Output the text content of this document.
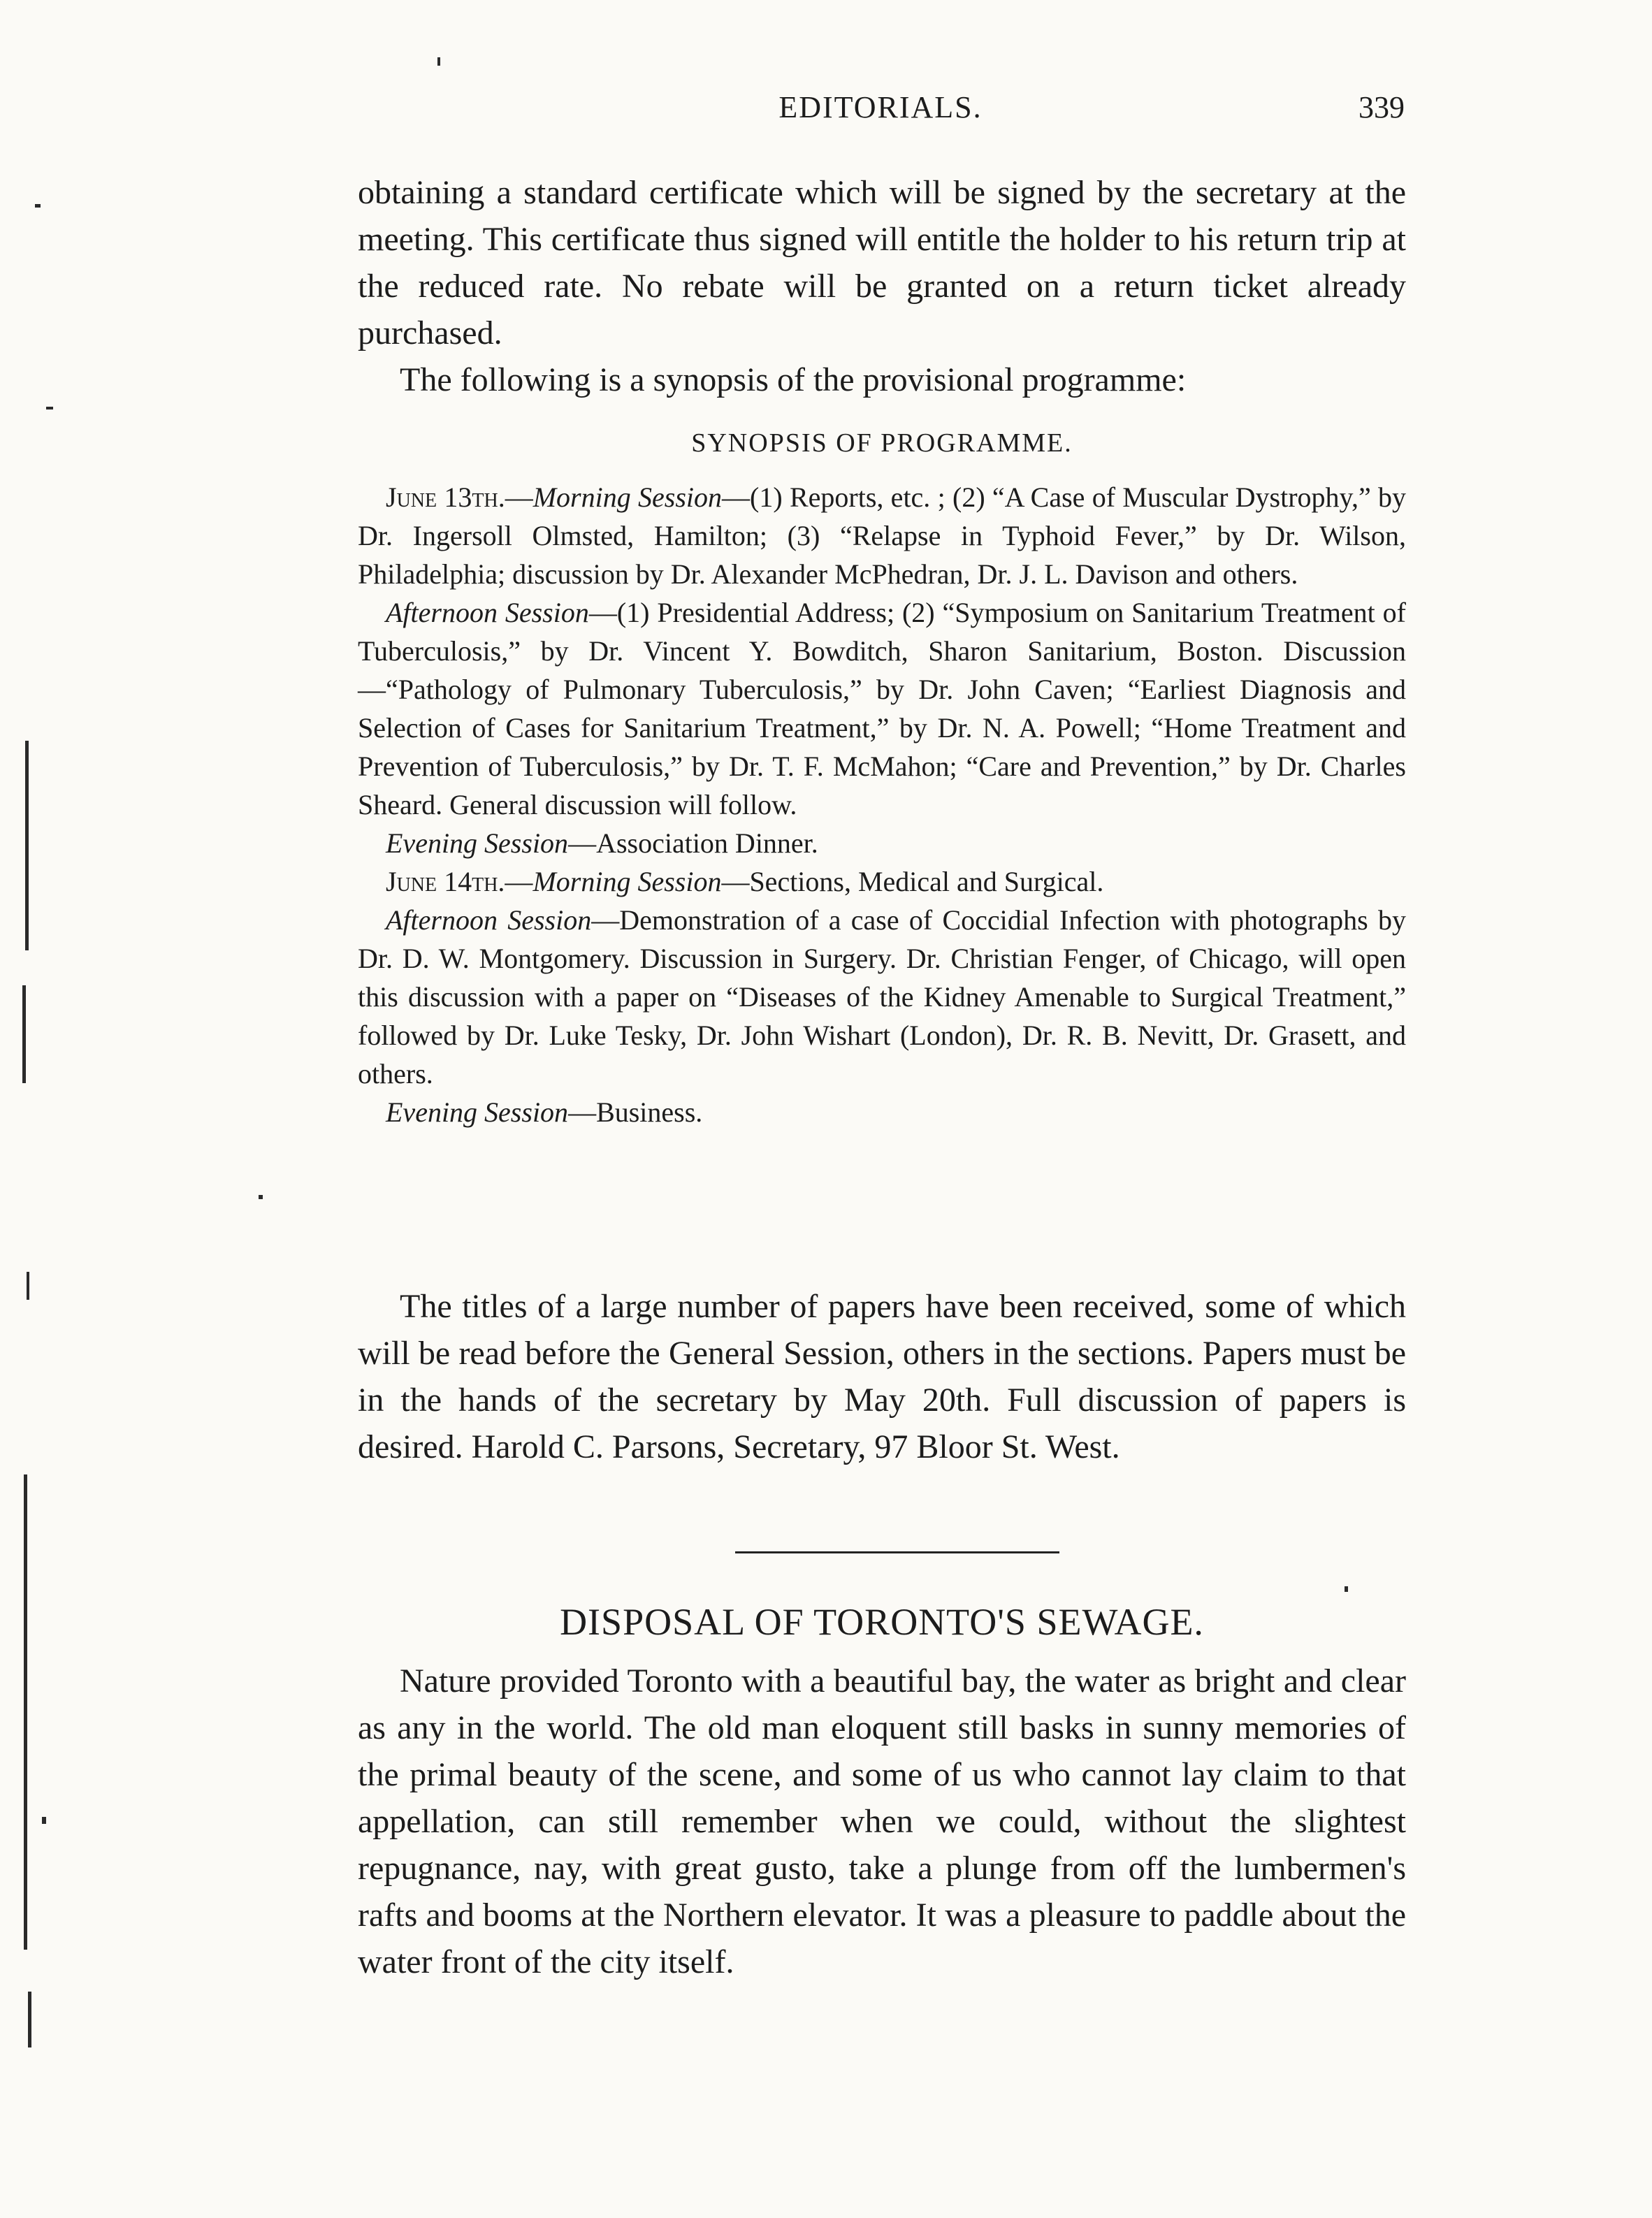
EDITORIALS.	339

obtaining a standard certificate which will be signed by the secretary at the meeting. This certificate thus signed will entitle the holder to his return trip at the reduced rate. No rebate will be granted on a return ticket already purchased.

The following is a synopsis of the provisional programme:

SYNOPSIS OF PROGRAMME.

June 13th.—Morning Session—(1) Reports, etc. ; (2) “A Case of Muscular Dystrophy,” by Dr. Ingersoll Olmsted, Hamilton; (3) “Relapse in Typhoid Fever,” by Dr. Wilson, Philadelphia; discussion by Dr. Alexander McPhedran, Dr. J. L. Davison and others.

Afternoon Session—(1) Presidential Address; (2) “Symposium on Sanitarium Treatment of Tuberculosis,” by Dr. Vincent Y. Bowditch, Sharon Sanitarium, Boston. Discussion—“Pathology of Pulmonary Tuberculosis,” by Dr. John Caven; “Earliest Diagnosis and Selection of Cases for Sanitarium Treatment,” by Dr. N. A. Powell; “Home Treatment and Prevention of Tuberculosis,” by Dr. T. F. McMahon; “Care and Prevention,” by Dr. Charles Sheard. General discussion will follow.

Evening Session—Association Dinner.

June 14th.—Morning Session—Sections, Medical and Surgical.

Afternoon Session—Demonstration of a case of Coccidial Infection with photographs by Dr. D. W. Montgomery. Discussion in Surgery. Dr. Christian Fenger, of Chicago, will open this discussion with a paper on “Diseases of the Kidney Amenable to Surgical Treatment,” followed by Dr. Luke Tesky, Dr. John Wishart (London), Dr. R. B. Nevitt, Dr. Grasett, and others.

Evening Session—Business.

The titles of a large number of papers have been received, some of which will be read before the General Session, others in the sections. Papers must be in the hands of the secretary by May 20th. Full discussion of papers is desired. Harold C. Parsons, Secretary, 97 Bloor St. West.

DISPOSAL OF TORONTO'S SEWAGE.

Nature provided Toronto with a beautiful bay, the water as bright and clear as any in the world. The old man eloquent still basks in sunny memories of the primal beauty of the scene, and some of us who cannot lay claim to that appellation, can still remember when we could, without the slightest repugnance, nay, with great gusto, take a plunge from off the lumbermen's rafts and booms at the Northern elevator. It was a pleasure to paddle about the water front of the city itself.
